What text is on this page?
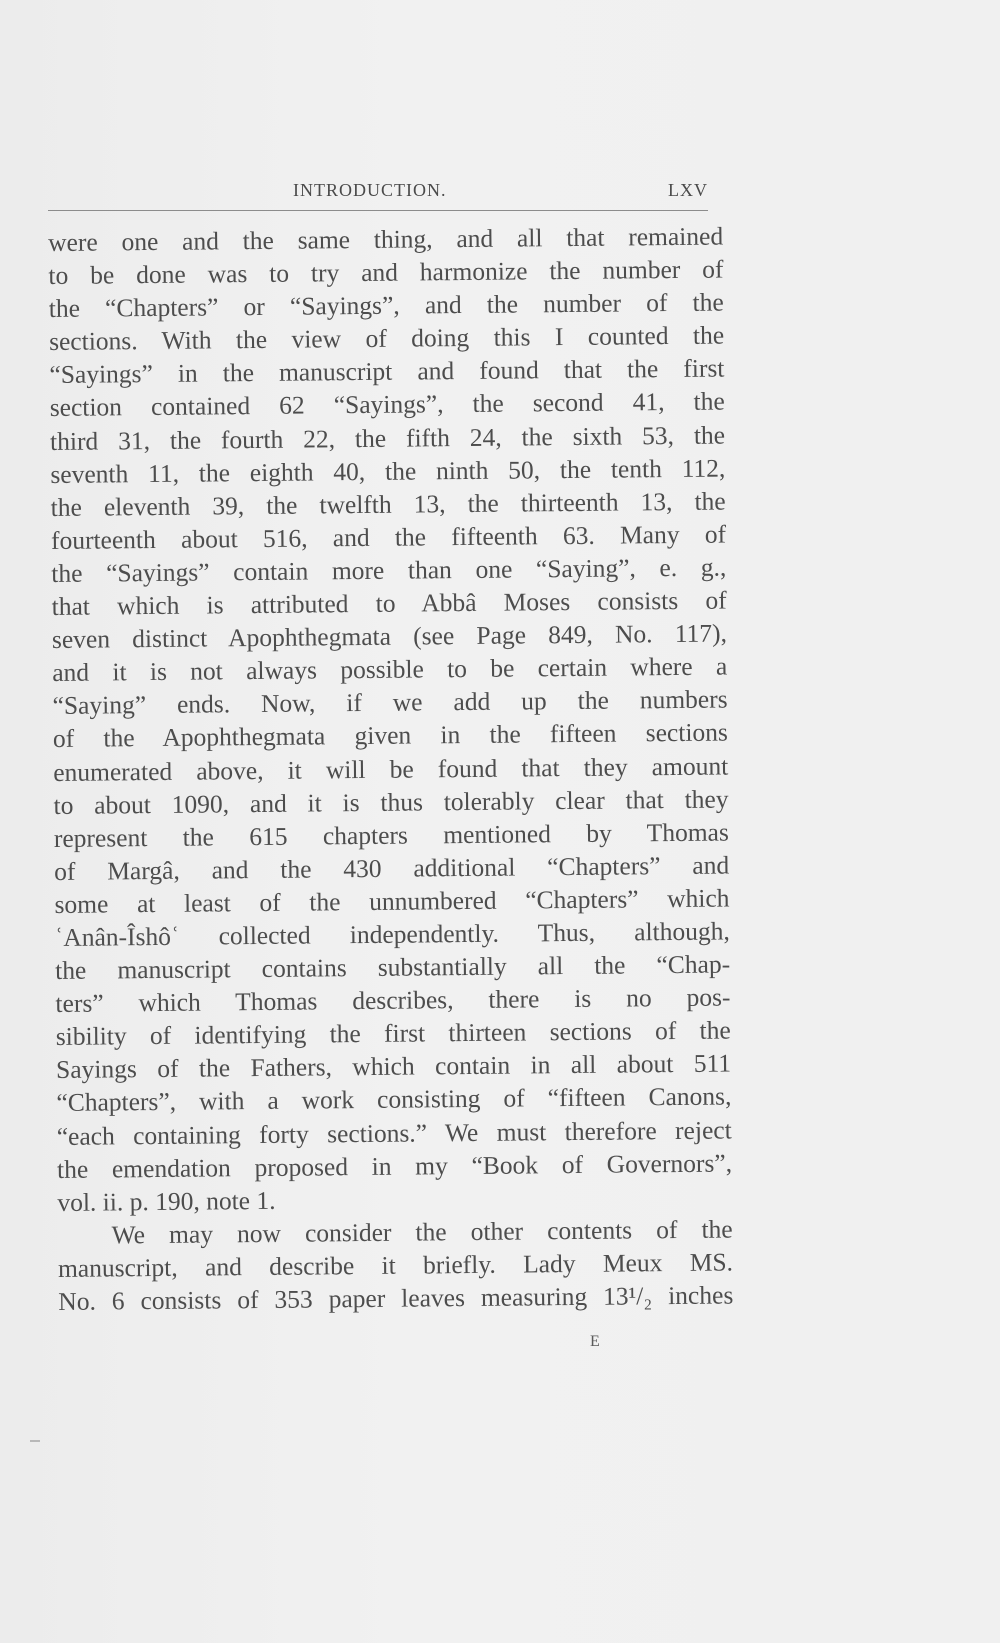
INTRODUCTION.	LXV
were one and the same thing, and all that remained
to be done was to try and harmonize the number of
the “Chapters” or “Sayings”, and the number of the
sections. With the view of doing this I counted the
“Sayings” in the manuscript and found that the first
section contained 62 “Sayings”, the second 41, the
third 31, the fourth 22, the fifth 24, the sixth 53, the
seventh 11, the eighth 40, the ninth 50, the tenth 112,
the eleventh 39, the twelfth 13, the thirteenth 13, the
fourteenth about 516, and the fifteenth 63. Many of
the “Sayings” contain more than one “Saying”, e. g.,
that which is attributed to Abbâ Moses consists of
seven distinct Apophthegmata (see Page 849, No. 117),
and it is not always possible to be certain where a
“Saying” ends. Now, if we add up the numbers
of the Apophthegmata given in the fifteen sections
enumerated above, it will be found that they amount
to about 1090, and it is thus tolerably clear that they
represent the 615 chapters mentioned by Thomas
of Margâ, and the 430 additional “Chapters” and
some at least of the unnumbered “Chapters” which
ʿAnân-Îshôʿ collected independently. Thus, although,
the manuscript contains substantially all the “Chap-
ters” which Thomas describes, there is no pos-
sibility of identifying the first thirteen sections of the
Sayings of the Fathers, which contain in all about 511
“Chapters”, with a work consisting of “fifteen Canons,
“each containing forty sections.” We must therefore reject
the emendation proposed in my “Book of Governors”,
vol. ii. p. 190, note 1.
We may now consider the other contents of the
manuscript, and describe it briefly. Lady Meux MS.
No. 6 consists of 353 paper leaves measuring 13¹/₂ inches
E
